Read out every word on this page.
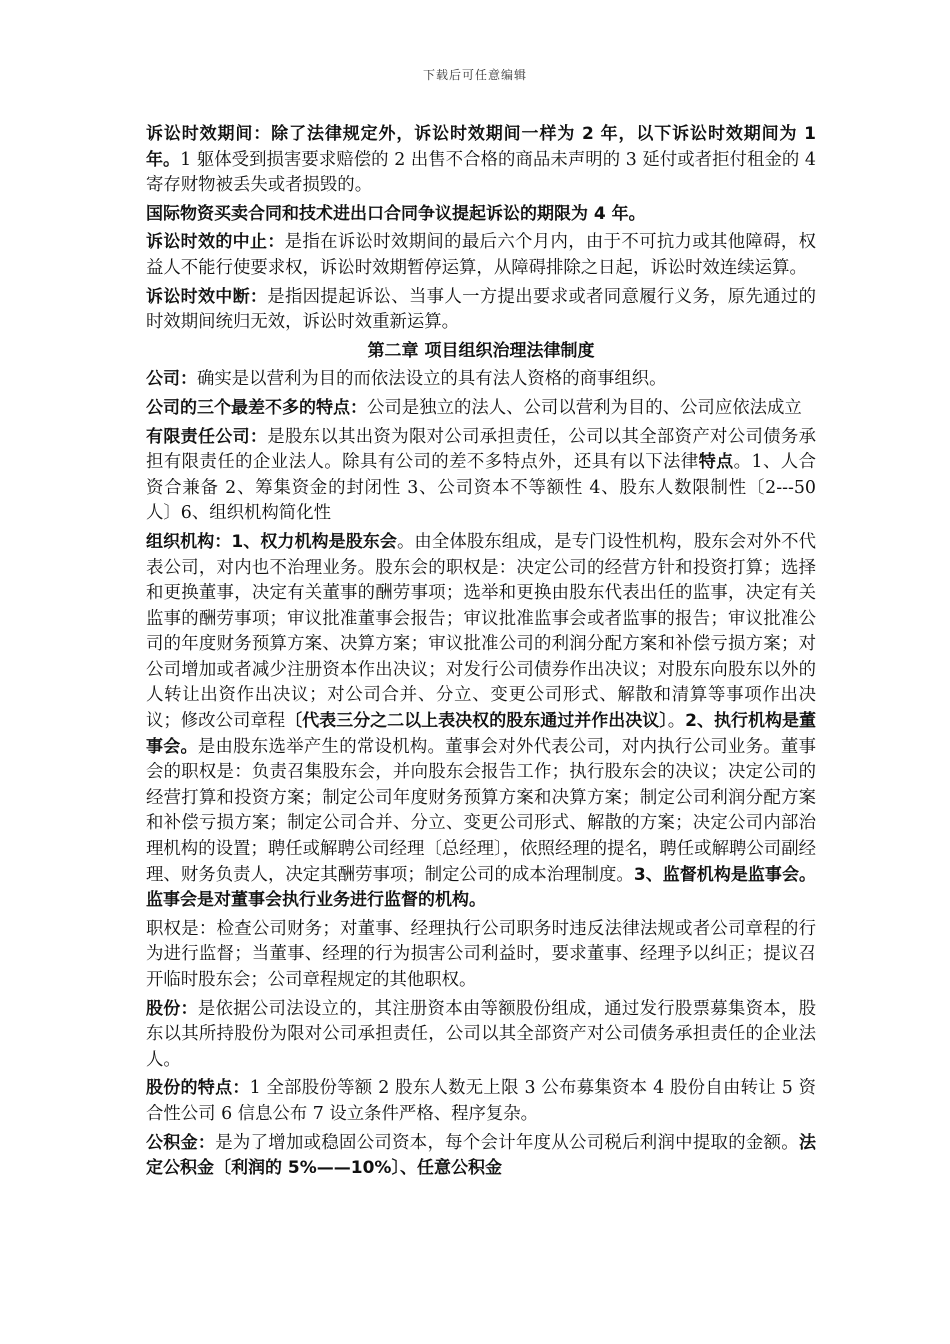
下载后可任意编辑

诉讼时效期间：除了法律规定外，诉讼时效期间一样为 2 年，以下诉讼时效期间为 1 年。1 躯体受到损害要求赔偿的 2 出售不合格的商品未声明的 3 延付或者拒付租金的 4 寄存财物被丢失或者损毁的。

国际物资买卖合同和技术进出口合同争议提起诉讼的期限为 4 年。

诉讼时效的中止：是指在诉讼时效期间的最后六个月内，由于不可抗力或其他障碍，权益人不能行使要求权，诉讼时效期暂停运算，从障碍排除之日起，诉讼时效连续运算。

诉讼时效中断：是指因提起诉讼、当事人一方提出要求或者同意履行义务，原先通过的时效期间统归无效，诉讼时效重新运算。

第二章 项目组织治理法律制度

公司：确实是以营利为目的而依法设立的具有法人资格的商事组织。

公司的三个最差不多的特点：公司是独立的法人、公司以营利为目的、公司应依法成立

有限责任公司：是股东以其出资为限对公司承担责任，公司以其全部资产对公司债务承担有限责任的企业法人。除具有公司的差不多特点外，还具有以下法律特点。1、人合资合兼备 2、筹集资金的封闭性 3、公司资本不等额性 4、股东人数限制性〔2---50 人〕6、组织机构简化性

组织机构：1、权力机构是股东会。由全体股东组成，是专门设性机构，股东会对外不代表公司，对内也不治理业务。股东会的职权是：决定公司的经营方针和投资打算；选择和更换董事，决定有关董事的酬劳事项；选举和更换由股东代表出任的监事，决定有关监事的酬劳事项；审议批准董事会报告；审议批准监事会或者监事的报告；审议批准公司的年度财务预算方案、决算方案；审议批准公司的利润分配方案和补偿亏损方案；对公司增加或者减少注册资本作出决议；对发行公司债券作出决议；对股东向股东以外的人转让出资作出决议；对公司合并、分立、变更公司形式、解散和清算等事项作出决议；修改公司章程〔代表三分之二以上表决权的股东通过并作出决议〕。2、执行机构是董事会。是由股东选举产生的常设机构。董事会对外代表公司，对内执行公司业务。董事会的职权是：负责召集股东会，并向股东会报告工作；执行股东会的决议；决定公司的经营打算和投资方案；制定公司年度财务预算方案和决算方案；制定公司利润分配方案和补偿亏损方案；制定公司合并、分立、变更公司形式、解散的方案；决定公司内部治理机构的设置；聘任或解聘公司经理〔总经理〕，依照经理的提名，聘任或解聘公司副经理、财务负责人，决定其酬劳事项；制定公司的成本治理制度。3、监督机构是监事会。监事会是对董事会执行业务进行监督的机构。

职权是：检查公司财务；对董事、经理执行公司职务时违反法律法规或者公司章程的行为进行监督；当董事、经理的行为损害公司利益时，要求董事、经理予以纠正；提议召开临时股东会；公司章程规定的其他职权。

股份：是依据公司法设立的，其注册资本由等额股份组成，通过发行股票募集资本，股东以其所持股份为限对公司承担责任，公司以其全部资产对公司债务承担责任的企业法人。

股份的特点：1 全部股份等额 2 股东人数无上限 3 公布募集资本 4 股份自由转让 5 资合性公司 6 信息公布 7 设立条件严格、程序复杂。

公积金：是为了增加或稳固公司资本，每个会计年度从公司税后利润中提取的金额。法定公积金〔利润的 5%——10%〕、任意公积金
